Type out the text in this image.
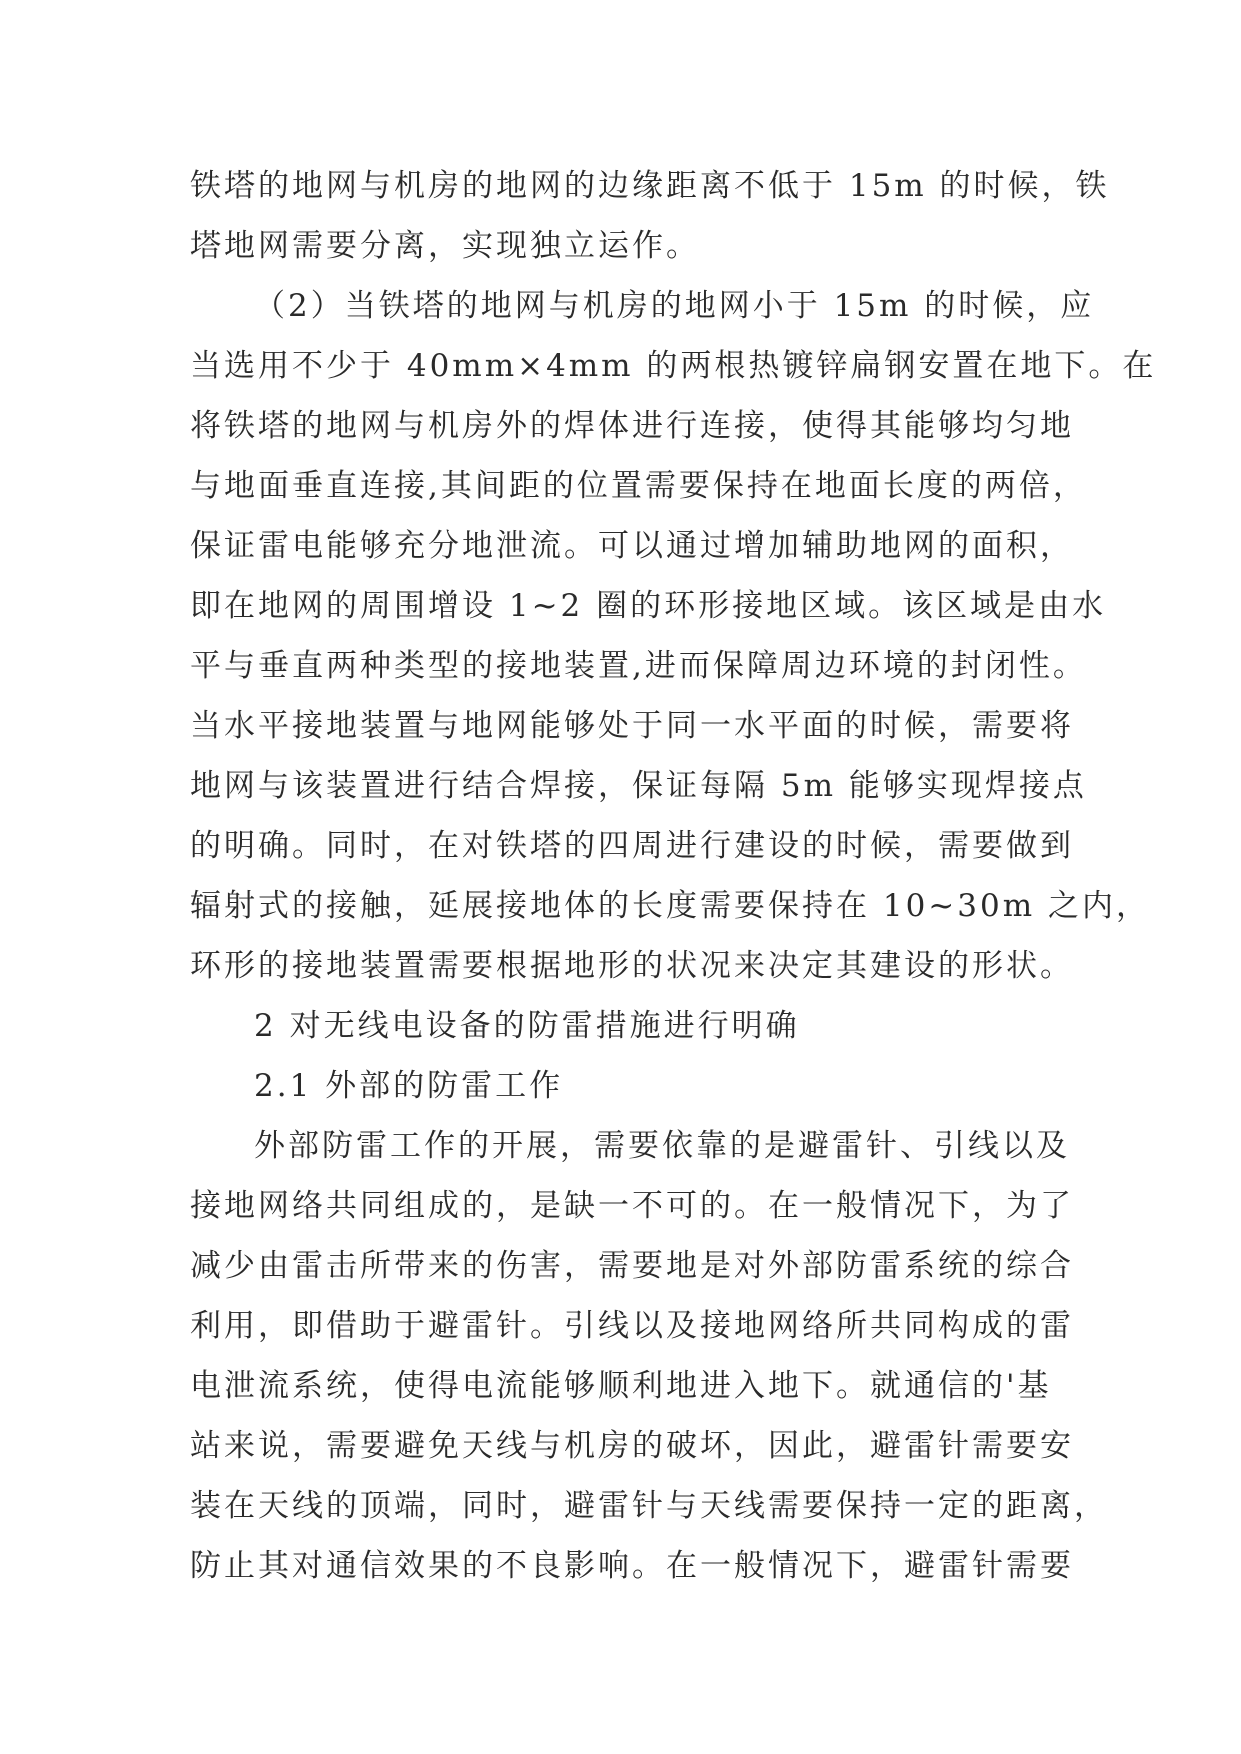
铁塔的地网与机房的地网的边缘距离不低于 15m 的时候，铁
塔地网需要分离，实现独立运作。
（2）当铁塔的地网与机房的地网小于 15m 的时候，应
当选用不少于 40mm×4mm 的两根热镀锌扁钢安置在地下。在
将铁塔的地网与机房外的焊体进行连接，使得其能够均匀地
与地面垂直连接,其间距的位置需要保持在地面长度的两倍，
保证雷电能够充分地泄流。可以通过增加辅助地网的面积，
即在地网的周围增设 1~2 圈的环形接地区域。该区域是由水
平与垂直两种类型的接地装置,进而保障周边环境的封闭性。
当水平接地装置与地网能够处于同一水平面的时候，需要将
地网与该装置进行结合焊接，保证每隔 5m 能够实现焊接点
的明确。同时，在对铁塔的四周进行建设的时候，需要做到
辐射式的接触，延展接地体的长度需要保持在 10~30m 之内，
环形的接地装置需要根据地形的状况来决定其建设的形状。
2 对无线电设备的防雷措施进行明确
2.1 外部的防雷工作
外部防雷工作的开展，需要依靠的是避雷针、引线以及
接地网络共同组成的，是缺一不可的。在一般情况下，为了
减少由雷击所带来的伤害，需要地是对外部防雷系统的综合
利用，即借助于避雷针。引线以及接地网络所共同构成的雷
电泄流系统，使得电流能够顺利地进入地下。就通信的'基
站来说，需要避免天线与机房的破坏，因此，避雷针需要安
装在天线的顶端，同时，避雷针与天线需要保持一定的距离，
防止其对通信效果的不良影响。在一般情况下，避雷针需要
